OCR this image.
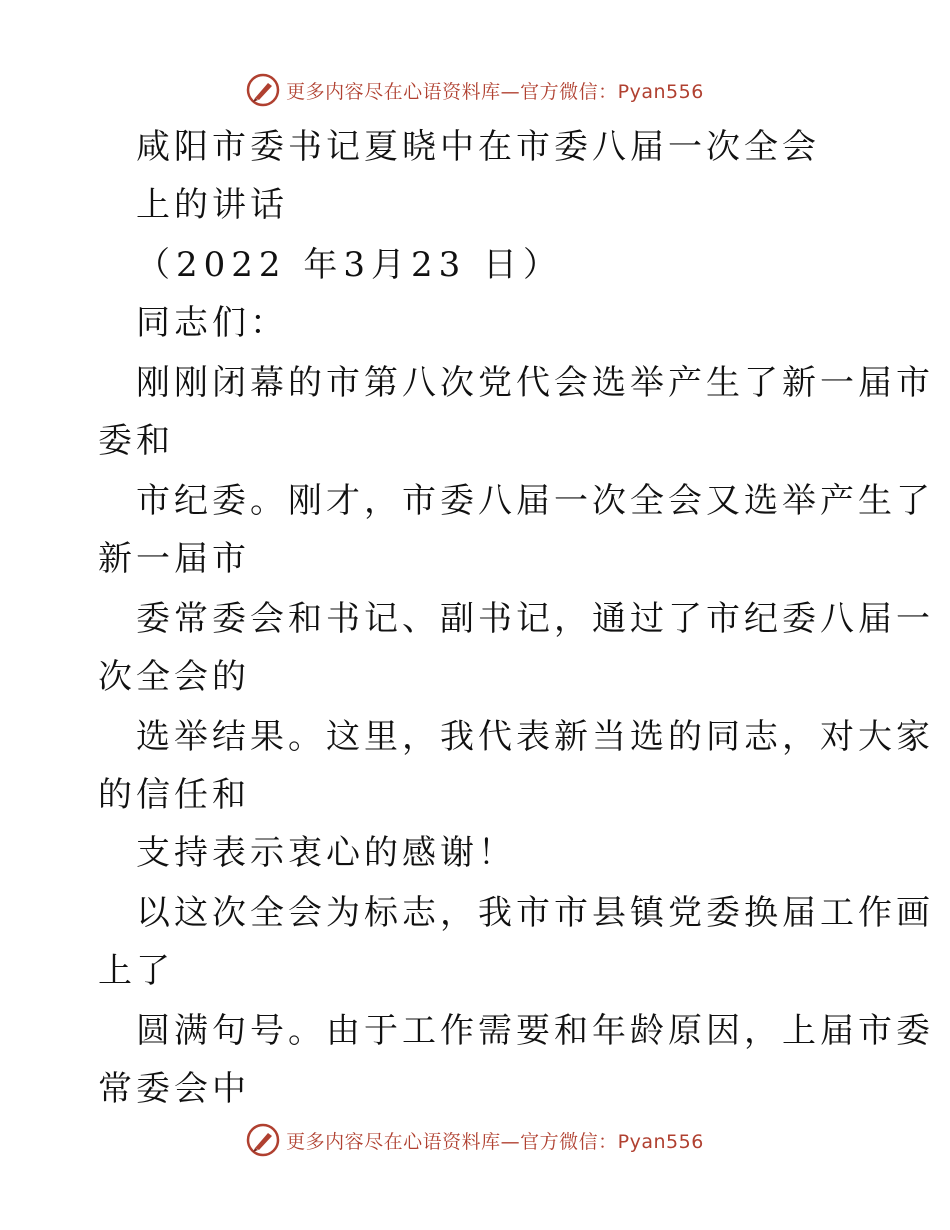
更多内容尽在心语资料库—官方微信：Pyan556
咸阳市委书记夏晓中在市委八届一次全会
上的讲话
（2022 年3月23 日）
同志们：
刚刚闭幕的市第八次党代会选举产生了新一届市
委和
市纪委。刚才，市委八届一次全会又选举产生了
新一届市
委常委会和书记、副书记，通过了市纪委八届一
次全会的
选举结果。这里，我代表新当选的同志，对大家
的信任和
支持表示衷心的感谢！
以这次全会为标志，我市市县镇党委换届工作画
上了
圆满句号。由于工作需要和年龄原因，上届市委
常委会中
更多内容尽在心语资料库—官方微信：Pyan556
